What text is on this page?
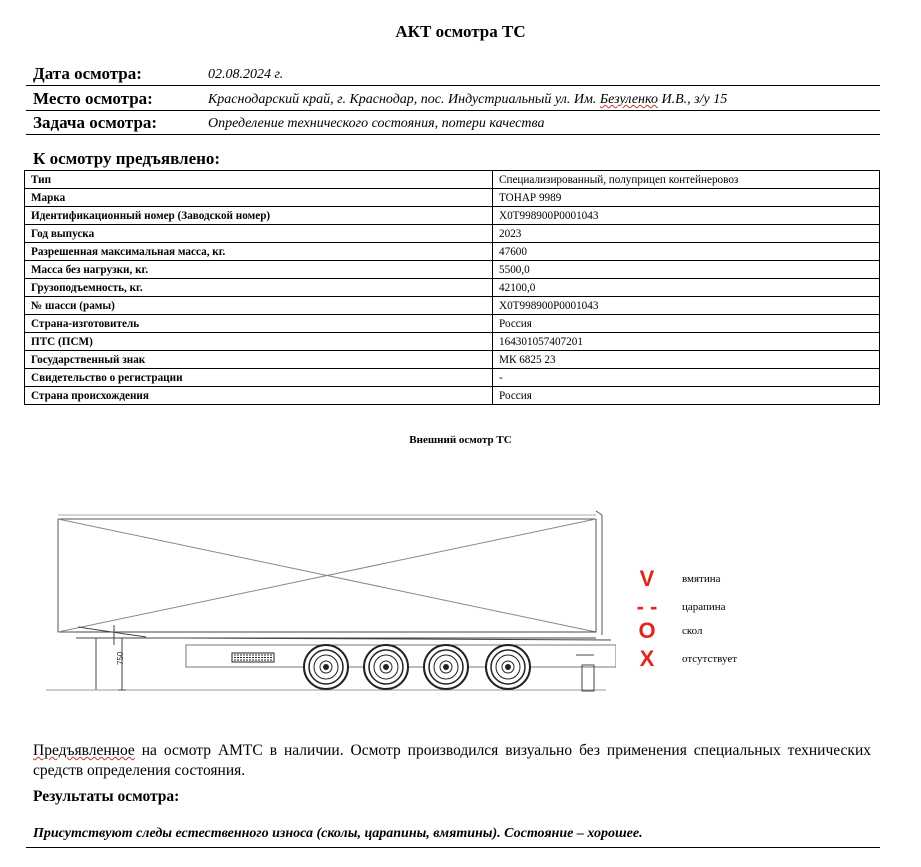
АКТ осмотра ТС
Дата осмотра:	02.08.2024 г.
Место осмотра:	Краснодарский край, г. Краснодар, пос. Индустриальный ул. Им. Безуленко И.В., з/у 15
Задача осмотра:	Определение технического состояния, потери качества
К осмотру предъявлено:
Тип	Специализированный, полуприцеп контейнеровоз
Марка	ТОНАР 9989
Идентификационный номер (Заводской номер)	X0T998900P0001043
Год выпуска	2023
Разрешенная максимальная масса, кг.	47600
Масса без нагрузки, кг.	5500,0
Грузоподъемность, кг.	42100,0
№ шасси (рамы)	X0T998900P0001043
Страна-изготовитель	Россия
ПТС (ПСМ)	164301057407201
Государственный знак	МК 6825 23
Свидетельство о регистрации	-
Страна происхождения	Россия
Внешний осмотр ТС
750
V	вмятина
- -	царапина
O	скол
X	отсутствует
Предъявленное на осмотр АМТС в наличии. Осмотр производился визуально без применения специальных технических средств определения состояния.
Результаты осмотра:
Присутствуют следы естественного износа (сколы, царапины, вмятины). Состояние – хорошее.
